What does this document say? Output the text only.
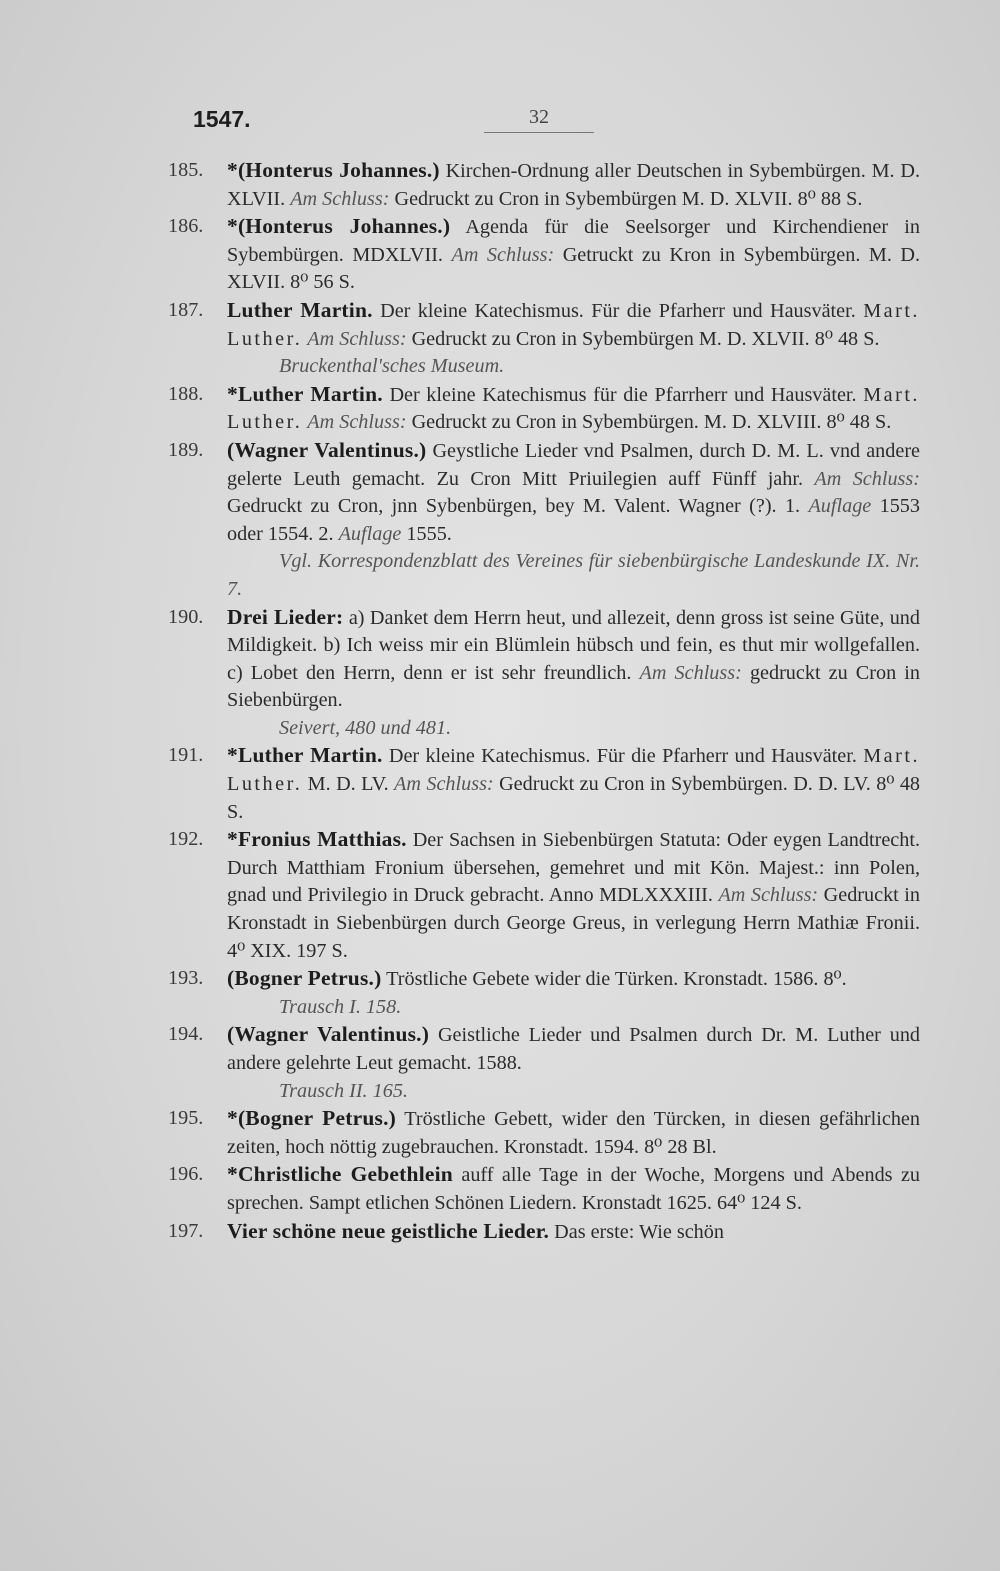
1547.	32
185.	*(Honterus Johannes.) Kirchen-Ordnung aller Deutschen in Sybembürgen. M. D. XLVII. Am Schluss: Gedruckt zu Cron in Sybembürgen M. D. XLVII. 8⁰ 88 S.
186.	*(Honterus Johannes.) Agenda für die Seelsorger und Kirchendiener in Sybembürgen. MDXLVII. Am Schluss: Getruckt zu Kron in Sybembürgen. M. D. XLVII. 8⁰ 56 S.
187.	Luther Martin. Der kleine Katechismus. Für die Pfarherr und Hausväter. Mart. Luther. Am Schluss: Gedruckt zu Cron in Sybembürgen M. D. XLVII. 8⁰ 48 S.
Bruckenthal'sches Museum.
188.	*Luther Martin. Der kleine Katechismus für die Pfarrherr und Hausväter. Mart. Luther. Am Schluss: Gedruckt zu Cron in Sybembürgen. M. D. XLVIII. 8⁰ 48 S.
189.	(Wagner Valentinus.) Geystliche Lieder vnd Psalmen, durch D. M. L. vnd andere gelerte Leuth gemacht. Zu Cron Mitt Priuilegien auff Fünff jahr. Am Schluss: Gedruckt zu Cron, jnn Sybenbürgen, bey M. Valent. Wagner (?). 1. Auflage 1553 oder 1554. 2. Auflage 1555.
Vgl. Korrespondenzblatt des Vereines für siebenbürgische Landeskunde IX. Nr. 7.
190.	Drei Lieder: a) Danket dem Herrn heut, und allezeit, denn gross ist seine Güte, und Mildigkeit. b) Ich weiss mir ein Blümlein hübsch und fein, es thut mir wollgefallen. c) Lobet den Herrn, denn er ist sehr freundlich. Am Schluss: gedruckt zu Cron in Siebenbürgen.
Seivert, 480 und 481.
191.	*Luther Martin. Der kleine Katechismus. Für die Pfarherr und Hausväter. Mart. Luther. M. D. LV. Am Schluss: Gedruckt zu Cron in Sybembürgen. D. D. LV. 8⁰ 48 S.
192.	*Fronius Matthias. Der Sachsen in Siebenbürgen Statuta: Oder eygen Landtrecht. Durch Matthiam Fronium übersehen, gemehret und mit Kön. Majest.: inn Polen, gnad und Privilegio in Druck gebracht. Anno MDLXXXIII. Am Schluss: Gedruckt in Kronstadt in Siebenbürgen durch George Greus, in verlegung Herrn Mathiæ Fronii. 4⁰ XIX. 197 S.
193.	(Bogner Petrus.) Tröstliche Gebete wider die Türken. Kronstadt. 1586. 8⁰.
Trausch I. 158.
194.	(Wagner Valentinus.) Geistliche Lieder und Psalmen durch Dr. M. Luther und andere gelehrte Leut gemacht. 1588.
Trausch II. 165.
195.	*(Bogner Petrus.) Tröstliche Gebett, wider den Türcken, in diesen gefährlichen zeiten, hoch nöttig zugebrauchen. Kronstadt. 1594. 8⁰ 28 Bl.
196.	*Christliche Gebethlein auff alle Tage in der Woche, Morgens und Abends zu sprechen. Sampt etlichen Schönen Liedern. Kronstadt 1625. 64⁰ 124 S.
197.	Vier schöne neue geistliche Lieder. Das erste: Wie schön
